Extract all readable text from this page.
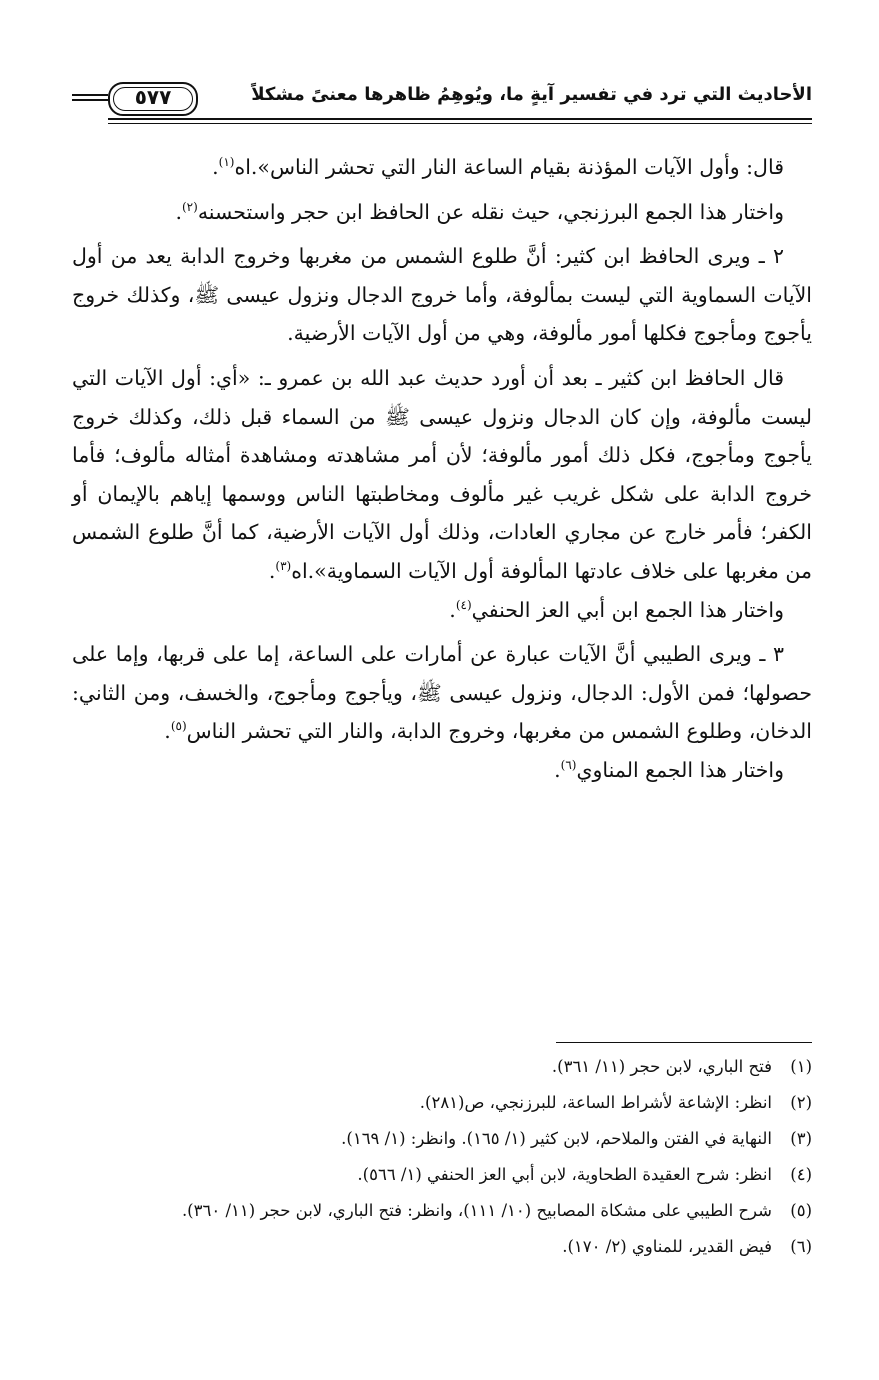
الأحاديث التي ترد في تفسير آيةٍ ما، ويُوهِمُ ظاهرها معنىً مشكلاً
٥٧٧

قال: وأول الآيات المؤذنة بقيام الساعة النار التي تحشر الناس».اه$^{(١)}$.

واختار هذا الجمع البرزنجي، حيث نقله عن الحافظ ابن حجر واستحسنه$^{(٢)}$.

٢ ـ ويرى الحافظ ابن كثير: أنَّ طلوع الشمس من مغربها وخروج الدابة يعد من أول الآيات السماوية التي ليست بمألوفة، وأما خروج الدجال ونزول عيسى ﷺ، وكذلك خروج يأجوج ومأجوج فكلها أمور مألوفة، وهي من أول الآيات الأرضية.

قال الحافظ ابن كثير ـ بعد أن أورد حديث عبد الله بن عمرو ـ: «أي: أول الآيات التي ليست مألوفة، وإن كان الدجال ونزول عيسى ﷺ من السماء قبل ذلك، وكذلك خروج يأجوج ومأجوج، فكل ذلك أمور مألوفة؛ لأن أمر مشاهدته ومشاهدة أمثاله مألوف؛ فأما خروج الدابة على شكل غريب غير مألوف ومخاطبتها الناس ووسمها إياهم بالإيمان أو الكفر؛ فأمر خارج عن مجاري العادات، وذلك أول الآيات الأرضية، كما أنَّ طلوع الشمس من مغربها على خلاف عادتها المألوفة أول الآيات السماوية».اه$^{(٣)}$.

واختار هذا الجمع ابن أبي العز الحنفي$^{(٤)}$.

٣ ـ ويرى الطيبي أنَّ الآيات عبارة عن أمارات على الساعة، إما على قربها، وإما على حصولها؛ فمن الأول: الدجال، ونزول عيسى ﷺ، ويأجوج ومأجوج، والخسف، ومن الثاني: الدخان، وطلوع الشمس من مغربها، وخروج الدابة، والنار التي تحشر الناس$^{(٥)}$.

واختار هذا الجمع المناوي$^{(٦)}$.

(١)
فتح الباري، لابن حجر (١١/ ٣٦١).
(٢)
انظر: الإشاعة لأشراط الساعة، للبرزنجي، ص(٢٨١).
(٣)
النهاية في الفتن والملاحم، لابن كثير (١/ ١٦٥). وانظر: (١/ ١٦٩).
(٤)
انظر: شرح العقيدة الطحاوية، لابن أبي العز الحنفي (١/ ٥٦٦).
(٥)
شرح الطيبي على مشكاة المصابيح (١٠/ ١١١)، وانظر: فتح الباري، لابن حجر (١١/ ٣٦٠).
(٦)
فيض القدير، للمناوي (٢/ ١٧٠).
